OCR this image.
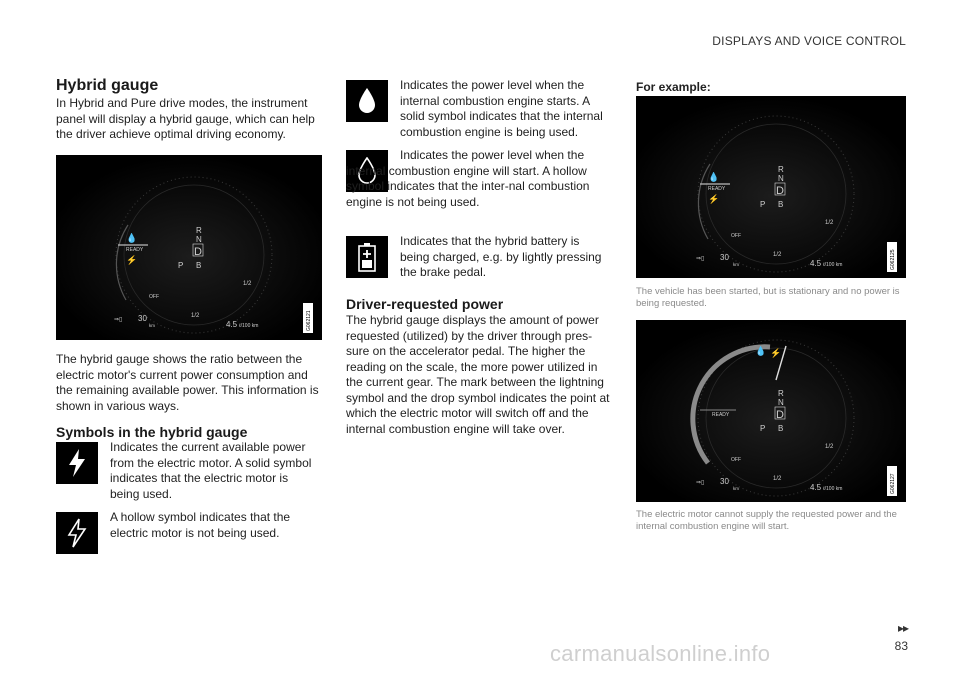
DISPLAYS AND VOICE CONTROL
Hybrid gauge
In Hybrid and Pure drive modes, the instrument panel will display a hybrid gauge, which can help the driver achieve optimal driving economy.
READY
💧
⚡
R
N
D
P B
OFF
1/2
1/2
⇒▯ 30
km	4.5 ℓ/100 km	G062121
The hybrid gauge shows the ratio between the electric motor's current power consumption and the remaining available power. This information is shown in various ways.
Symbols in the hybrid gauge
Indicates the current available power from the electric motor. A solid symbol indicates that the electric motor is being used.
A hollow symbol indicates that the electric motor is not being used.
Indicates the power level when the internal combustion engine starts. A solid symbol indicates that the internal combustion engine is being used.
Indicates the power level when the internal combustion engine will start. A hollow symbol indicates that the inter-nal combustion engine is not being used.
Indicates that the hybrid battery is being charged, e.g. by lightly pressing the brake pedal.
Driver-requested power
The hybrid gauge displays the amount of power requested (utilized) by the driver through pres-sure on the accelerator pedal. The higher the reading on the scale, the more power utilized in the current gear. The mark between the lightning symbol and the drop symbol indicates the point at which the electric motor will switch off and the internal combustion engine will take over.
For example:
READY
💧
⚡
R
N
D
P B
OFF
1/2
1/2
⇒▯ 30
km	4.5 ℓ/100 km	G062125
The vehicle has been started, but is stationary and no power is being requested.
💧 ⚡
READY
R
N
D
P B
OFF
1/2
1/2
⇒▯ 30
km	4.5 ℓ/100 km	G062127
The electric motor cannot supply the requested power and the internal combustion engine will start.
▸▸
83
carmanualsonline.info
